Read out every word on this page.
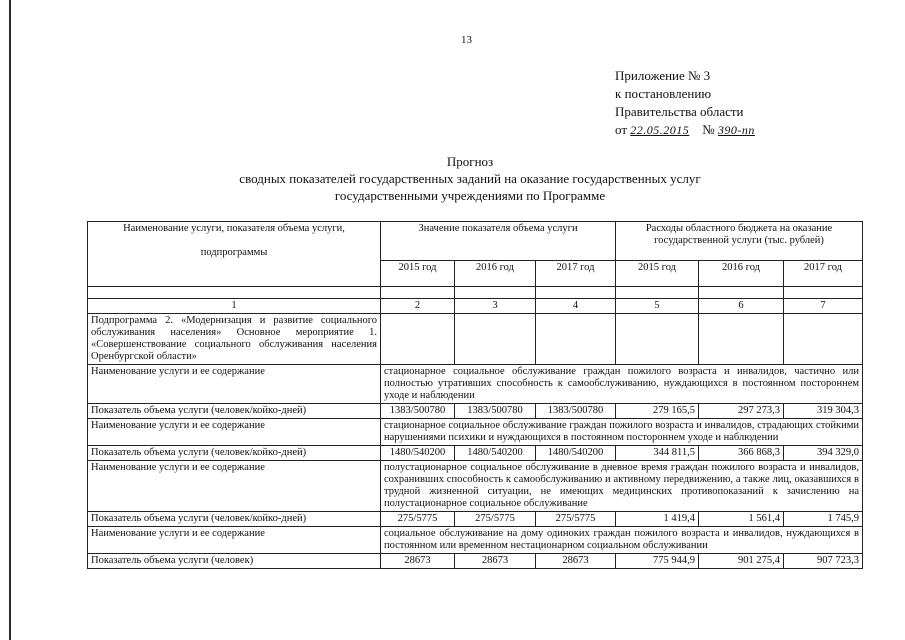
13
Приложение № 3
к постановлению
Правительства области
от 22.05.2015 № 390-пп
Прогноз
сводных показателей государственных заданий на оказание государственных услуг
государственными учреждениями по Программе
Наименование услуги, показателя объема услуги,
подпрограммы	Значение показателя объема услуги			Расходы областного бюджета на оказание государственной услуги (тыс. рублей)		
	2015 год	2016 год	2017 год	2015 год	2016 год	2017 год

1	2	3	4	5	6	7
Подпрограмма 2. «Модернизация и развитие социального обслуживания населения» Основное мероприятие 1. «Совершенствование социального обслуживания населения Оренбургской области»						
Наименование услуги и ее содержание	стационарное социальное обслуживание граждан пожилого возраста и инвалидов, частично или полностью утративших способность к самообслуживанию, нуждающихся в постоянном постороннем уходе и наблюдении					
Показатель объема услуги (человек/койко-дней)	1383/500780	1383/500780	1383/500780	279 165,5	297 273,3	319 304,3
Наименование услуги и ее содержание	стационарное социальное обслуживание граждан пожилого возраста и инвалидов, страдающих стойкими нарушениями психики и нуждающихся в постоянном постороннем уходе и наблюдении					
Показатель объема услуги (человек/койко-дней)	1480/540200	1480/540200	1480/540200	344 811,5	366 868,3	394 329,0
Наименование услуги и ее содержание	полустационарное социальное обслуживание в дневное время граждан пожилого возраста и инвалидов, сохранивших способность к самообслуживанию и активному передвижению, а также лиц, оказавшихся в трудной жизненной ситуации, не имеющих медицинских противопоказаний к зачислению на полустационарное социальное обслуживание					
Показатель объема услуги (человек/койко-дней)	275/5775	275/5775	275/5775	1 419,4	1 561,4	1 745,9
Наименование услуги и ее содержание	социальное обслуживание на дому одиноких граждан пожилого возраста и инвалидов, нуждающихся в постоянном или временном нестационарном социальном обслуживании					
Показатель объема услуги (человек)	28673	28673	28673	775 944,9	901 275,4	907 723,3
